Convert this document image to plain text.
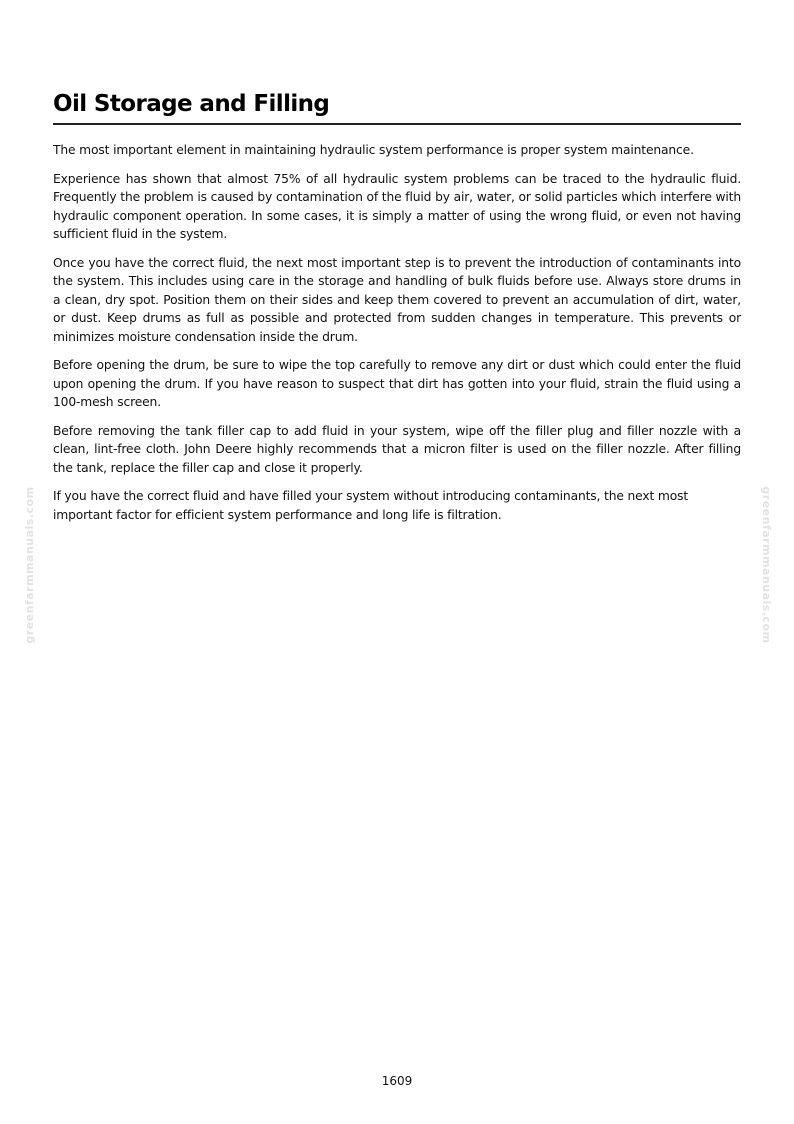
Oil Storage and Filling

The most important element in maintaining hydraulic system performance is proper system maintenance.

Experience has shown that almost 75% of all hydraulic system problems can be traced to the hydraulic fluid. Frequently the problem is caused by contamination of the fluid by air, water, or solid particles which interfere with hydraulic component operation. In some cases, it is simply a matter of using the wrong fluid, or even not having sufficient fluid in the system.

Once you have the correct fluid, the next most important step is to prevent the introduction of contaminants into the system. This includes using care in the storage and handling of bulk fluids before use. Always store drums in a clean, dry spot. Position them on their sides and keep them covered to prevent an accumulation of dirt, water, or dust. Keep drums as full as possible and protected from sudden changes in temperature. This prevents or minimizes moisture condensation inside the drum.

Before opening the drum, be sure to wipe the top carefully to remove any dirt or dust which could enter the fluid upon opening the drum. If you have reason to suspect that dirt has gotten into your fluid, strain the fluid using a 100-mesh screen.

Before removing the tank filler cap to add fluid in your system, wipe off the filler plug and filler nozzle with a clean, lint-free cloth. John Deere highly recommends that a micron filter is used on the filler nozzle. After filling the tank, replace the filler cap and close it properly.

If you have the correct fluid and have filled your system without introducing contaminants, the next most important factor for efficient system performance and long life is filtration.

greenfarmmanuals.com	greenfarmmanuals.com
1609
